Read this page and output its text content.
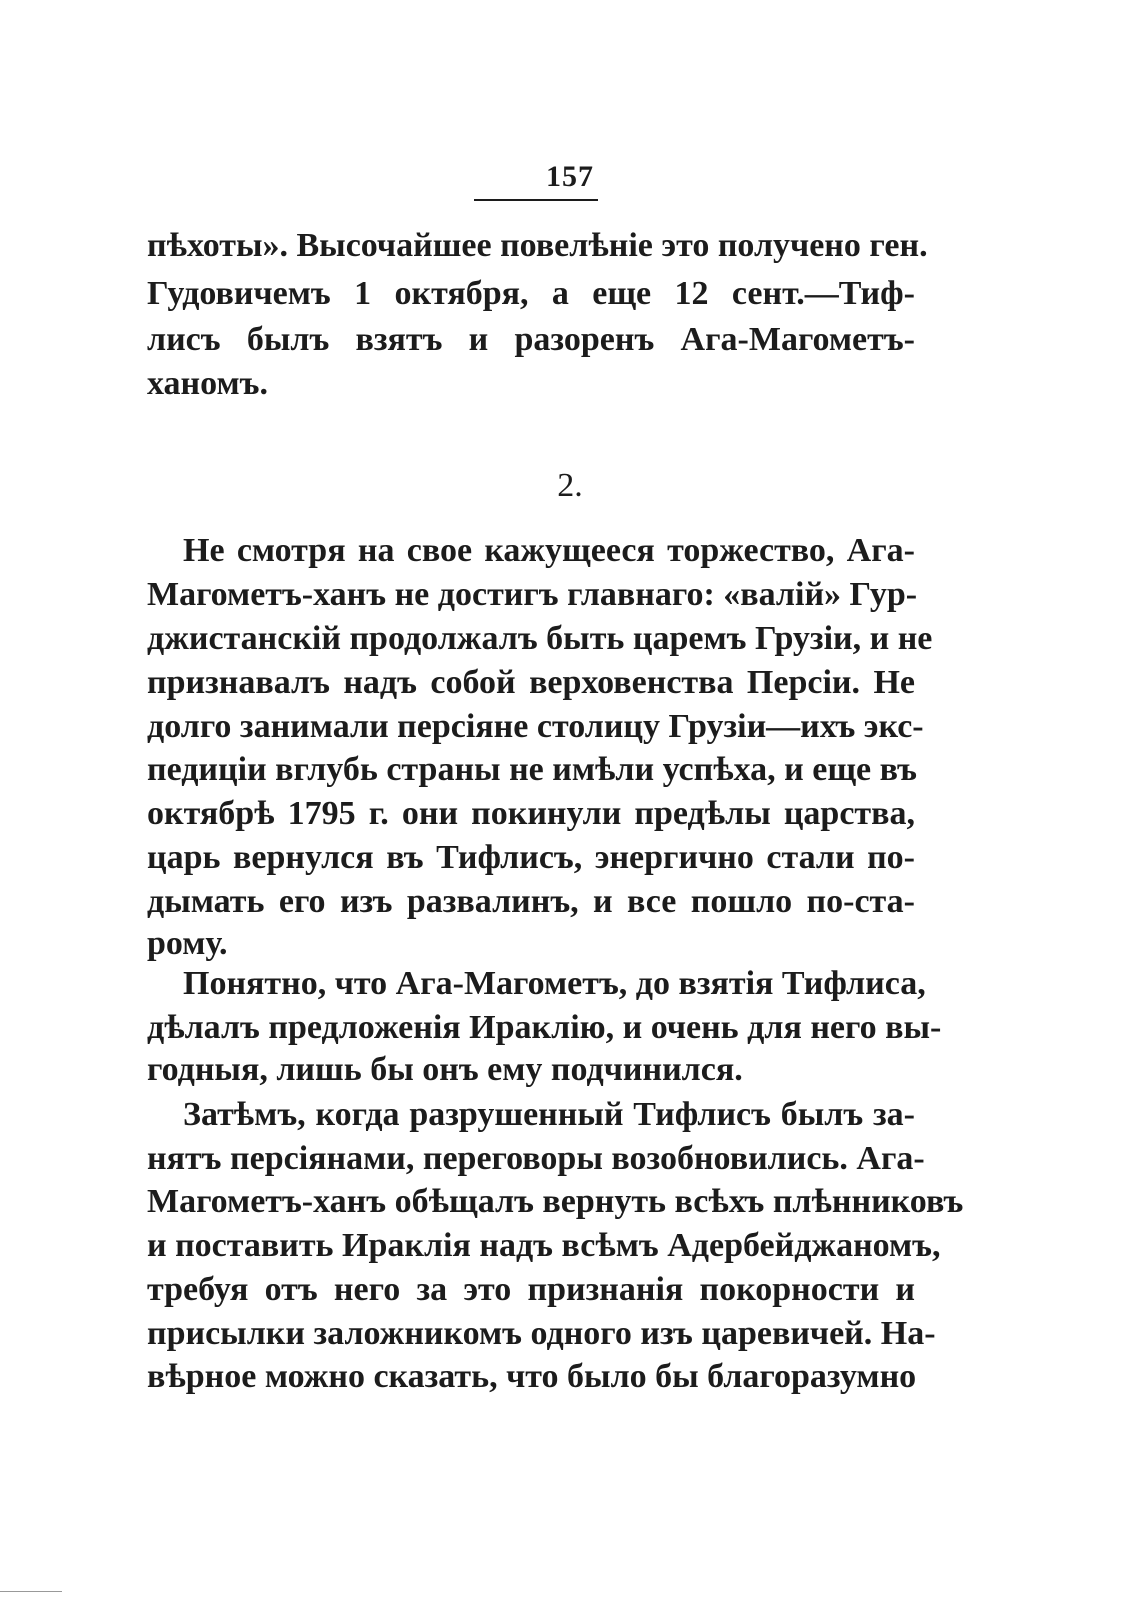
157
пѣхоты». Высочайшее повелѣніе это получено ген.
Гудовичемъ 1 октября, а еще 12 сент.—Тиф-
лисъ былъ взятъ и разоренъ Ага-Магометъ-
ханомъ.
2.
Не смотря на свое кажущееся торжество, Ага-
Магометъ-ханъ не достигъ главнаго: «валій» Гур-
джистанскій продолжалъ быть царемъ Грузіи, и не
признавалъ надъ собой верховенства Персіи. Не
долго занимали персіяне столицу Грузіи—ихъ экс-
педиціи вглубь страны не имѣли успѣха, и еще въ
октябрѣ 1795 г. они покинули предѣлы царства,
царь вернулся въ Тифлисъ, энергично стали по-
дымать его изъ развалинъ, и все пошло по-ста-
рому.
Понятно, что Ага-Магометъ, до взятія Тифлиса,
дѣлалъ предложенія Ираклію, и очень для него вы-
годныя, лишь бы онъ ему подчинился.
Затѣмъ, когда разрушенный Тифлисъ былъ за-
нятъ персіянами, переговоры возобновились. Ага-
Магометъ-ханъ обѣщалъ вернуть всѣхъ плѣнниковъ
и поставить Ираклія надъ всѣмъ Адербейджаномъ,
требуя отъ него за это признанія покорности и
присылки заложникомъ одного изъ царевичей. На-
вѣрное можно сказать, что было бы благоразумно
